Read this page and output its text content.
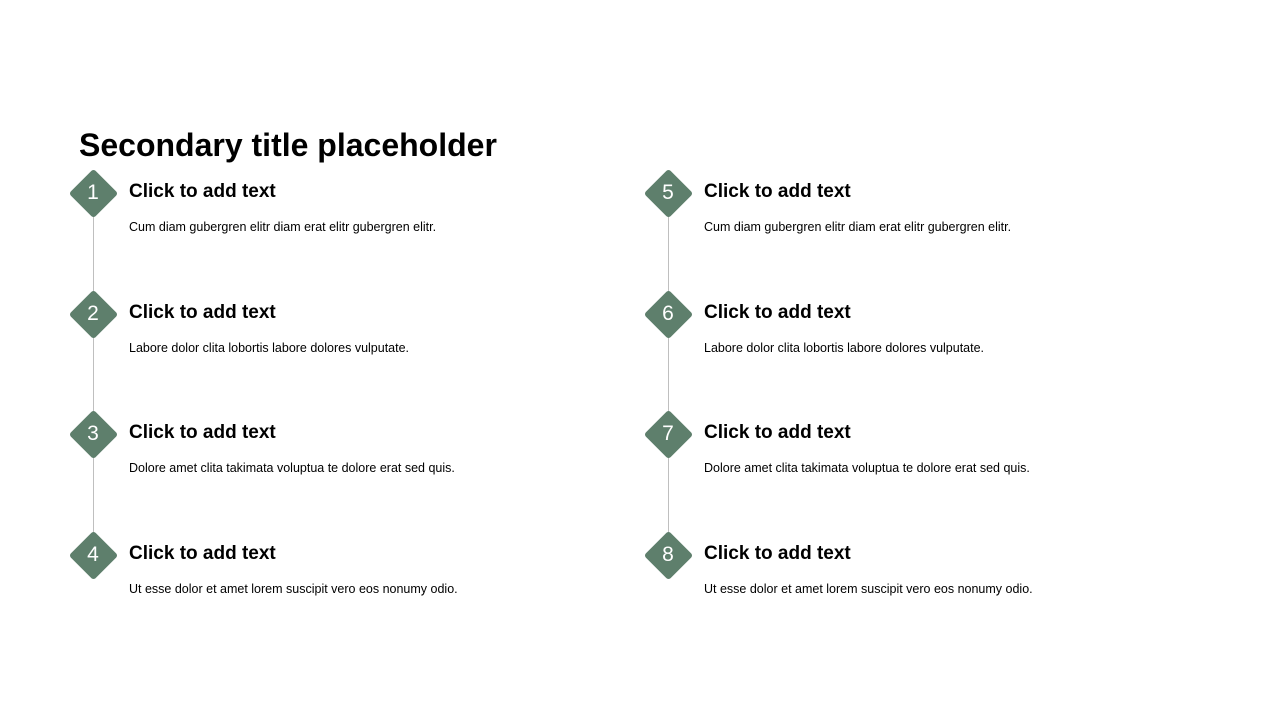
Secondary title placeholder
1	Click to add text
Cum diam gubergren elitr diam erat elitr gubergren elitr.
2	Click to add text
Labore dolor clita lobortis labore dolores vulputate.
3	Click to add text
Dolore amet clita takimata voluptua te dolore erat sed quis.
4	Click to add text
Ut esse dolor et amet lorem suscipit vero eos nonumy odio.
5	Click to add text
Cum diam gubergren elitr diam erat elitr gubergren elitr.
6	Click to add text
Labore dolor clita lobortis labore dolores vulputate.
7	Click to add text
Dolore amet clita takimata voluptua te dolore erat sed quis.
8	Click to add text
Ut esse dolor et amet lorem suscipit vero eos nonumy odio.
